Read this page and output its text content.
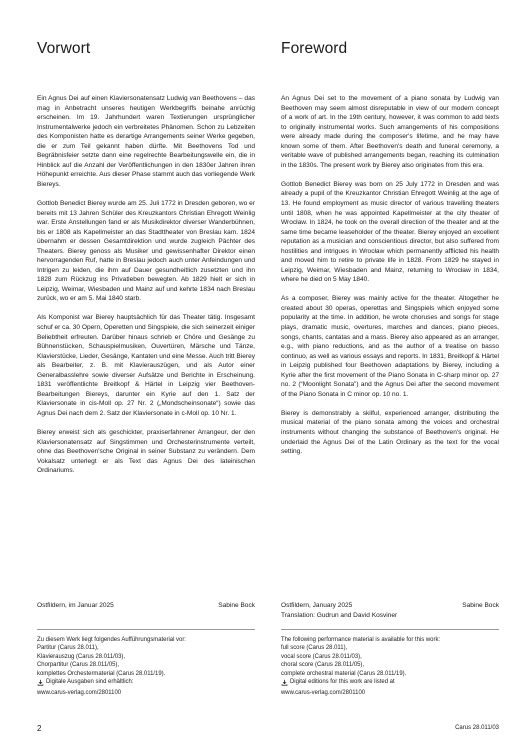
Vorwort

Ein Agnus Dei auf einen Klaviersonatensatz Ludwig van Beethovens – das mag in Anbetracht unseres heutigen Werkbegriffs beinahe anrüchig erscheinen. Im 19. Jahrhundert waren Textierungen ursprünglicher Instrumentalwerke jedoch ein verbreitetes Phänomen. Schon zu Lebzeiten des Komponisten hatte es derartige Arrangements seiner Werke gegeben, die er zum Teil gekannt haben dürfte. Mit Beethovens Tod und Begräbnisfeier setzte dann eine regelrechte Bearbeitungswelle ein, die in Hinblick auf die Anzahl der Veröffentlichungen in den 1830er Jahren ihren Höhepunkt erreichte. Aus dieser Phase stammt auch das vorliegende Werk Biereys.

Gottlob Benedict Bierey wurde am 25. Juli 1772 in Dresden geboren, wo er bereits mit 13 Jahren Schüler des Kreuzkantors Christian Ehregott Weinlig war. Erste Anstellungen fand er als Musikdirektor diverser Wanderbühnen, bis er 1808 als Kapellmeister an das Stadttheater von Breslau kam. 1824 übernahm er dessen Gesamtdirektion und wurde zugleich Pächter des Theaters. Bierey genoss als Musiker und gewissenhafter Direktor einen hervorragenden Ruf, hatte in Breslau jedoch auch unter Anfeindungen und Intrigen zu leiden, die ihm auf Dauer gesundheitlich zusetzten und ihn 1828 zum Rückzug ins Privatleben bewegten. Ab 1829 hielt er sich in Leipzig, Weimar, Wiesbaden und Mainz auf und kehrte 1834 nach Breslau zurück, wo er am 5. Mai 1840 starb.

Als Komponist war Bierey hauptsächlich für das Theater tätig. Insgesamt schuf er ca. 30 Opern, Operetten und Singspiele, die sich seinerzeit einiger Beliebtheit erfreuten. Darüber hinaus schrieb er Chöre und Gesänge zu Bühnenstücken, Schauspielmusiken, Ouvertüren, Märsche und Tänze, Klavierstücke, Lieder, Gesänge, Kantaten und eine Messe. Auch tritt Bierey als Bearbeiter, z. B. mit Klavierauszügen, und als Autor einer Generalbasslehre sowie diverser Aufsätze und Berichte in Erscheinung. 1831 veröffentlichte Breitkopf & Härtel in Leipzig vier Beethoven-Bearbeitungen Biereys, darunter ein Kyrie auf den 1. Satz der Klaviersonate in cis-Moll op. 27 Nr. 2 („Mondscheinsonate“) sowie das Agnus Dei nach dem 2. Satz der Klaviersonate in c-Moll op. 10 Nr. 1.

Bierey erweist sich als geschickter, praxiserfahrener Arrangeur, der den Klaviersonatensatz auf Singstimmen und Orchesterinstrumente verteilt, ohne das Beethoven'sche Original in seiner Substanz zu verändern. Dem Vokalsatz unterlegt er als Text das Agnus Dei des lateinischen Ordinariums.

Ostfildern, im Januar 2025	Sabine Bock
Zu diesem Werk liegt folgendes Aufführungsmaterial vor:
Partitur (Carus 28.011),
Klavierauszug (Carus 28.011/03),
Chorpartitur (Carus 28.011/05),
komplettes Orchestermaterial (Carus 28.011/19).
Digitale Ausgaben sind erhältlich:
www.carus-verlag.com/2801100
Foreword

An Agnus Dei set to the movement of a piano sonata by Ludwig van Beethoven may seem almost disreputable in view of our modern concept of a work of art. In the 19th century, however, it was common to add texts to originally instrumental works. Such arrangements of his compositions were already made during the composer's lifetime, and he may have known some of them. After Beethoven's death and funeral ceremony, a veritable wave of published arrangements began, reaching its culmination in the 1830s. The present work by Bierey also originates from this era.

Gottlob Benedict Bierey was born on 25 July 1772 in Dresden and was already a pupil of the Kreuzkantor Christian Ehregott Weinlig at the age of 13. He found employment as music director of various travelling theaters until 1808, when he was appointed Kapellmeister at the city theater of Wrocław. In 1824, he took on the overall direction of the theater and at the same time became leaseholder of the theater. Bierey enjoyed an excellent reputation as a musician and conscientious director, but also suffered from hostilities and intrigues in Wrocław which permanently afflicted his health and moved him to retire to private life in 1828. From 1829 he stayed in Leipzig, Weimar, Wiesbaden and Mainz, returning to Wrocław in 1834, where he died on 5 May 1840.

As a composer, Bierey was mainly active for the theater. Altogether he created about 30 operas, operettas and Singspiels which enjoyed some popularity at the time. In addition, he wrote choruses and songs for stage plays, dramatic music, overtures, marches and dances, piano pieces, songs, chants, cantatas and a mass. Bierey also appeared as an arranger, e.g., with piano reductions, and as the author of a treatise on basso continuo, as well as various essays and reports. In 1831, Breitkopf & Härtel in Leipzig published four Beethoven adaptations by Bierey, including a Kyrie after the first movement of the Piano Sonata in C-sharp minor op. 27 no. 2 (“Moonlight Sonata”) and the Agnus Dei after the second movement of the Piano Sonata in C minor op. 10 no. 1.

Bierey is demonstrably a skilful, experienced arranger, distributing the musical material of the piano sonata among the voices and orchestral instruments without changing the substance of Beethoven's original. He underlaid the Agnus Dei of the Latin Ordinary as the text for the vocal setting.

Ostfildern, January 2025	Sabine Bock
Translation: Gudrun and David Kosviner
The following performance material is available for this work:
full score (Carus 28.011),
vocal score (Carus 28.011/03),
choral score (Carus 28.011/05),
complete orchestral material (Carus 28.011/19).
Digital editions for this work are listed at
www.carus-verlag.com/2801100
2	Carus 28.011/03
